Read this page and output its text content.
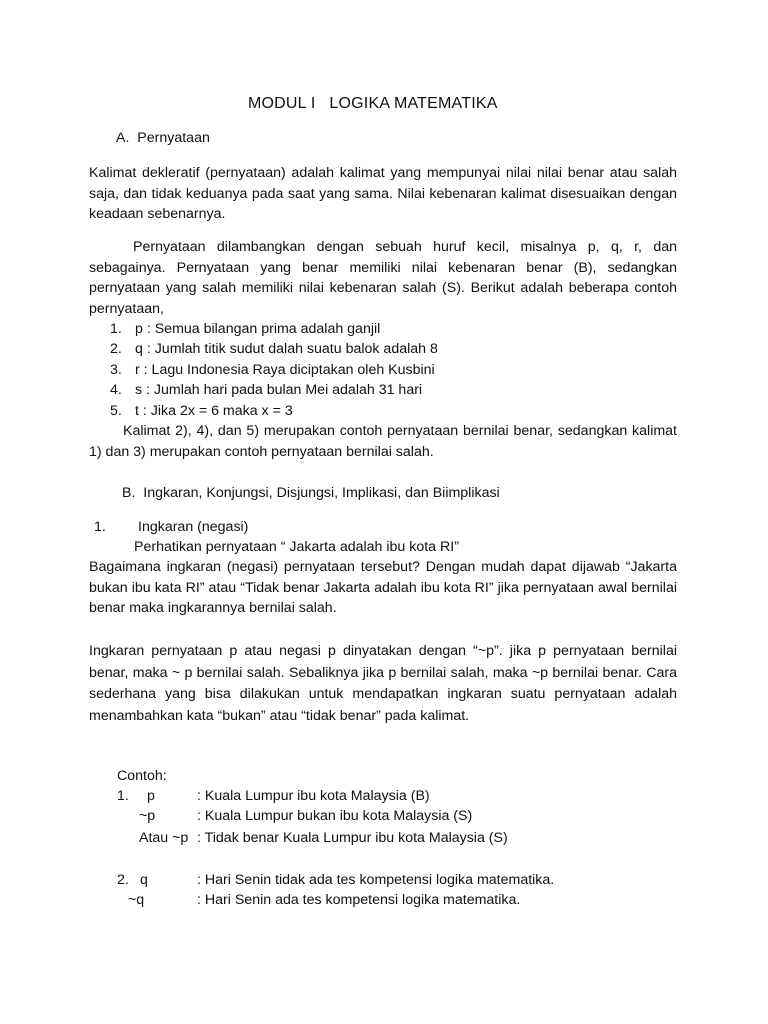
MODUL I   LOGIKA MATEMATIKA
A.  Pernyataan
Kalimat dekleratif (pernyataan) adalah kalimat yang mempunyai nilai nilai benar atau salah saja, dan tidak keduanya pada saat yang sama. Nilai kebenaran kalimat disesuaikan dengan keadaan sebenarnya.
Pernyataan dilambangkan dengan sebuah huruf kecil, misalnya p, q, r, dan sebagainya. Pernyataan yang benar memiliki nilai kebenaran benar (B), sedangkan pernyataan yang salah memiliki nilai kebenaran salah (S). Berikut adalah beberapa contoh pernyataan,
1. p : Semua bilangan prima adalah ganjil
2. q : Jumlah titik sudut dalah suatu balok adalah 8
3. r : Lagu Indonesia Raya diciptakan oleh Kusbini
4. s : Jumlah hari pada bulan Mei adalah 31 hari
5. t : Jika 2x = 6 maka x = 3
Kalimat 2), 4), dan 5) merupakan contoh pernyataan bernilai benar, sedangkan kalimat 1) dan 3) merupakan contoh pernyataan bernilai salah.
B.  Ingkaran, Konjungsi, Disjungsi, Implikasi, dan Biimplikasi
1. Ingkaran (negasi)
Perhatikan pernyataan “ Jakarta adalah ibu kota RI”
Bagaimana ingkaran (negasi) pernyataan tersebut? Dengan mudah dapat dijawab “Jakarta bukan ibu kata RI” atau “Tidak benar Jakarta adalah ibu kota RI” jika pernyataan awal bernilai benar maka ingkarannya bernilai salah.
Ingkaran pernyataan p atau negasi p dinyatakan dengan “~p”. jika p pernyataan bernilai benar, maka ~ p bernilai salah. Sebaliknya jika p bernilai salah, maka ~p bernilai benar. Cara sederhana yang bisa dilakukan untuk mendapatkan ingkaran suatu pernyataan adalah menambahkan kata “bukan” atau “tidak benar” pada kalimat.
Contoh:
1. p	: Kuala Lumpur ibu kota Malaysia (B)
~p	: Kuala Lumpur bukan ibu kota Malaysia (S)
Atau ~p : Tidak benar Kuala Lumpur ibu kota Malaysia (S)
2. q	: Hari Senin tidak ada tes kompetensi logika matematika.
~q	: Hari Senin ada tes kompetensi logika matematika.
